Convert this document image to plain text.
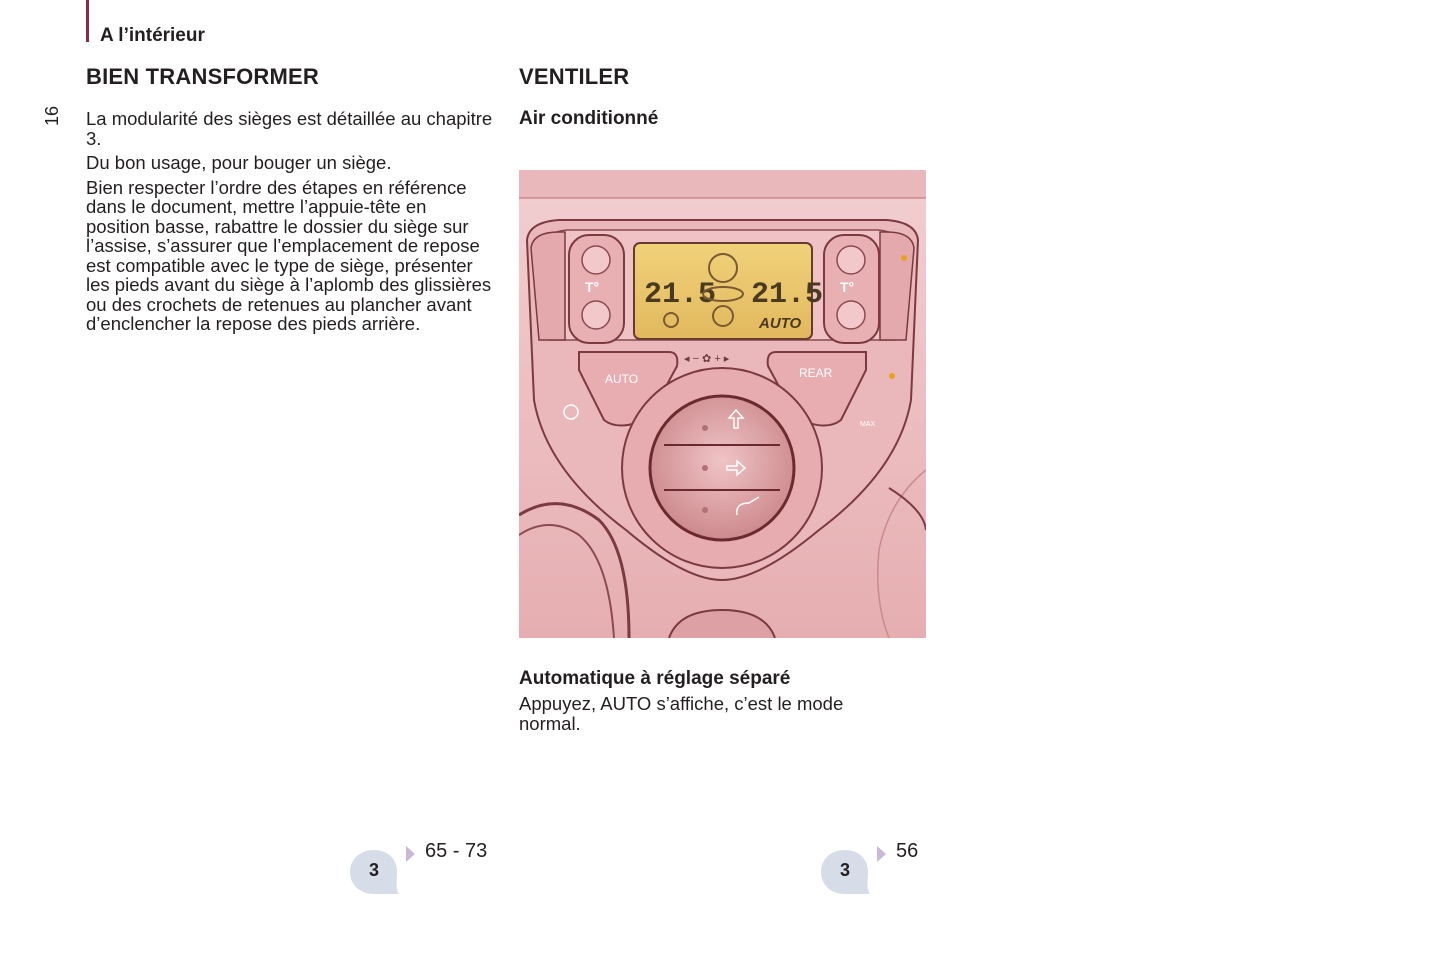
A l’intérieur
16
BIEN TRANSFORMER

La modularité des sièges est détaillée au chapitre 3.

Du bon usage, pour bouger un siège.

Bien respecter l’ordre des étapes en référence dans le document, mettre l’appuie-tête en position basse, rabattre le dossier du siège sur l’assise, s’assurer que l’emplacement de repose est compatible avec le type de siège, présenter les pieds avant du siège à l’aplomb des glissières ou des crochets de retenues au plancher avant d’enclencher la repose des pieds arrière.

3
65 - 73
VENTILER
Air conditionné
21.5 21.5
AUTO
T°	T°
◂ − ✿ + ▸
AUTO	REAR
MAX
Automatique à réglage séparé
Appuyez, AUTO s’affiche, c’est le mode normal.
3
56
